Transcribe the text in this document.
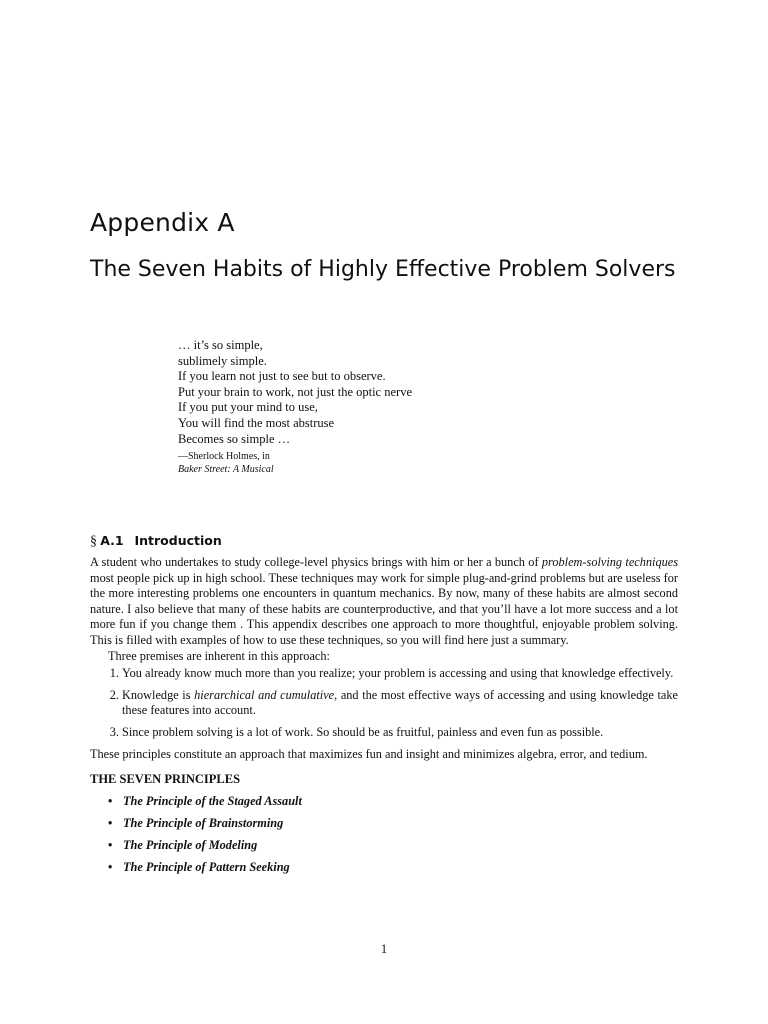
Appendix A
The Seven Habits of Highly Effective Problem Solvers
… it’s so simple,
sublimely simple.
If you learn not just to see but to observe.
Put your brain to work, not just the optic nerve
If you put your mind to use,
You will find the most abstruse
Becomes so simple …
—Sherlock Holmes, in
Baker Street: A Musical
§ A.1 Introduction

A student who undertakes to study college-level physics brings with him or her a bunch of problem-solving techniques most people pick up in high school. These techniques may work for simple plug-and-grind problems but are useless for the more interesting problems one encounters in quantum mechanics. By now, many of these habits are almost second nature. I also believe that many of these habits are counterproductive, and that you’ll have a lot more success and a lot more fun if you change them . This appendix describes one approach to more thoughtful, enjoyable problem solving. This is filled with examples of how to use these techniques, so you will find here just a summary.

Three premises are inherent in this approach:

1. You already know much more than you realize; your problem is accessing and using that knowledge effectively.
2. Knowledge is hierarchical and cumulative, and the most effective ways of accessing and using knowledge take these features into account.
3. Since problem solving is a lot of work. So should be as fruitful, painless and even fun as possible.

These principles constitute an approach that maximizes fun and insight and minimizes algebra, error, and tedium.

THE SEVEN PRINCIPLES
• The Principle of the Staged Assault
• The Principle of Brainstorming
• The Principle of Modeling
• The Principle of Pattern Seeking
1
